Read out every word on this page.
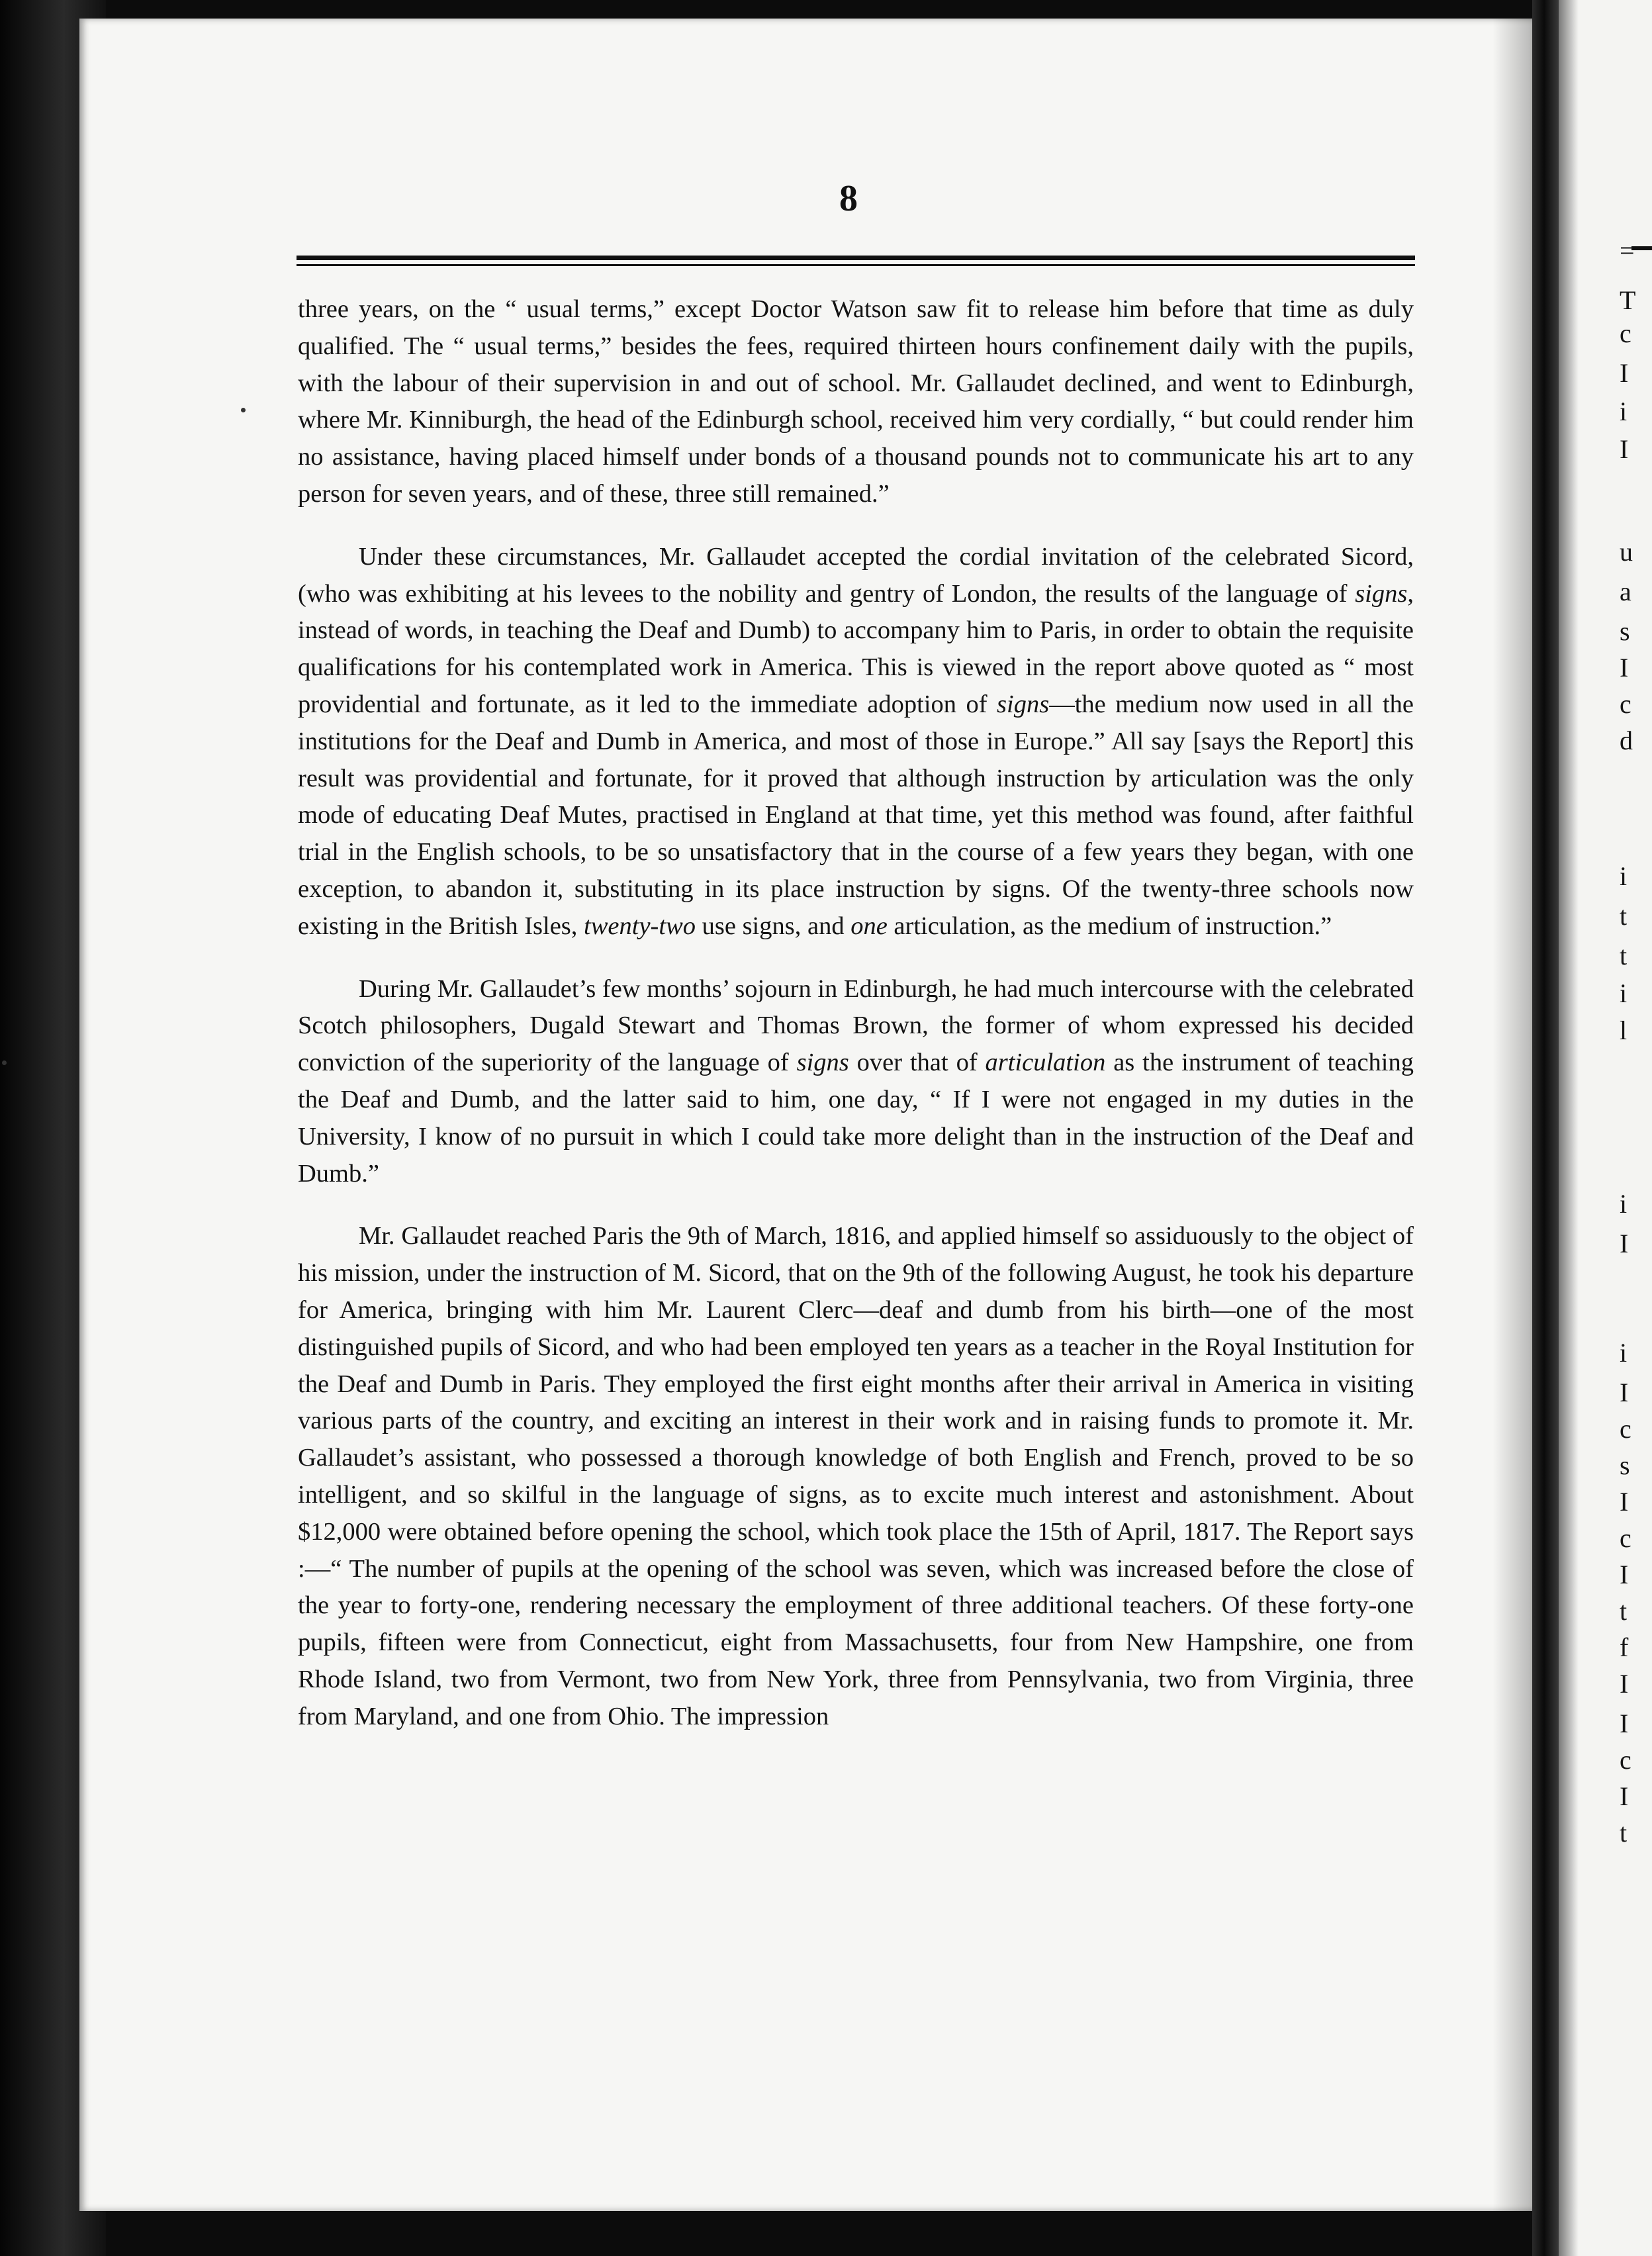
=
T
c
I
i
I
u
a
s
I
c
d
i
t
t
i
l
i
I
i
I
c
s
I
c
I
t
f
I
I
c
I
t
8

three years, on the “ usual terms,” except Doctor Watson saw fit to release him before that time as duly qualified. The “ usual terms,” besides the fees, required thirteen hours confinement daily with the pupils, with the labour of their supervision in and out of school. Mr. Gallaudet declined, and went to Edinburgh, where Mr. Kinniburgh, the head of the Edinburgh school, received him very cordially, “ but could render him no assistance, having placed himself under bonds of a thousand pounds not to communicate his art to any person for seven years, and of these, three still remained.”

Under these circumstances, Mr. Gallaudet accepted the cordial invitation of the celebrated Sicord, (who was exhibiting at his levees to the nobility and gentry of London, the results of the language of signs, instead of words, in teaching the Deaf and Dumb) to accompany him to Paris, in order to obtain the requisite qualifications for his contemplated work in America. This is viewed in the report above quoted as “ most providential and fortunate, as it led to the immediate adoption of signs—the medium now used in all the institutions for the Deaf and Dumb in America, and most of those in Europe.” All say [says the Report] this result was providential and fortunate, for it proved that although instruction by articulation was the only mode of educating Deaf Mutes, practised in England at that time, yet this method was found, after faithful trial in the English schools, to be so unsatisfactory that in the course of a few years they began, with one exception, to abandon it, substituting in its place instruction by signs. Of the twenty-three schools now existing in the British Isles, twenty-two use signs, and one articulation, as the medium of instruction.”

During Mr. Gallaudet’s few months’ sojourn in Edinburgh, he had much intercourse with the celebrated Scotch philosophers, Dugald Stewart and Thomas Brown, the former of whom expressed his decided conviction of the superiority of the language of signs over that of articulation as the instrument of teaching the Deaf and Dumb, and the latter said to him, one day, “ If I were not engaged in my duties in the University, I know of no pursuit in which I could take more delight than in the instruction of the Deaf and Dumb.”

Mr. Gallaudet reached Paris the 9th of March, 1816, and applied himself so assiduously to the object of his mission, under the instruction of M. Sicord, that on the 9th of the following August, he took his departure for America, bringing with him Mr. Laurent Clerc—deaf and dumb from his birth—one of the most distinguished pupils of Sicord, and who had been employed ten years as a teacher in the Royal Institution for the Deaf and Dumb in Paris. They employed the first eight months after their arrival in America in visiting various parts of the country, and exciting an interest in their work and in raising funds to promote it. Mr. Gallaudet’s assistant, who possessed a thorough knowledge of both English and French, proved to be so intelligent, and so skilful in the language of signs, as to excite much interest and astonishment. About $12,000 were obtained before opening the school, which took place the 15th of April, 1817. The Report says :—“ The number of pupils at the opening of the school was seven, which was increased before the close of the year to forty-one, rendering necessary the employment of three additional teachers. Of these forty-one pupils, fifteen were from Connecticut, eight from Massachusetts, four from New Hampshire, one from Rhode Island, two from Vermont, two from New York, three from Pennsylvania, two from Virginia, three from Maryland, and one from Ohio. The impression
